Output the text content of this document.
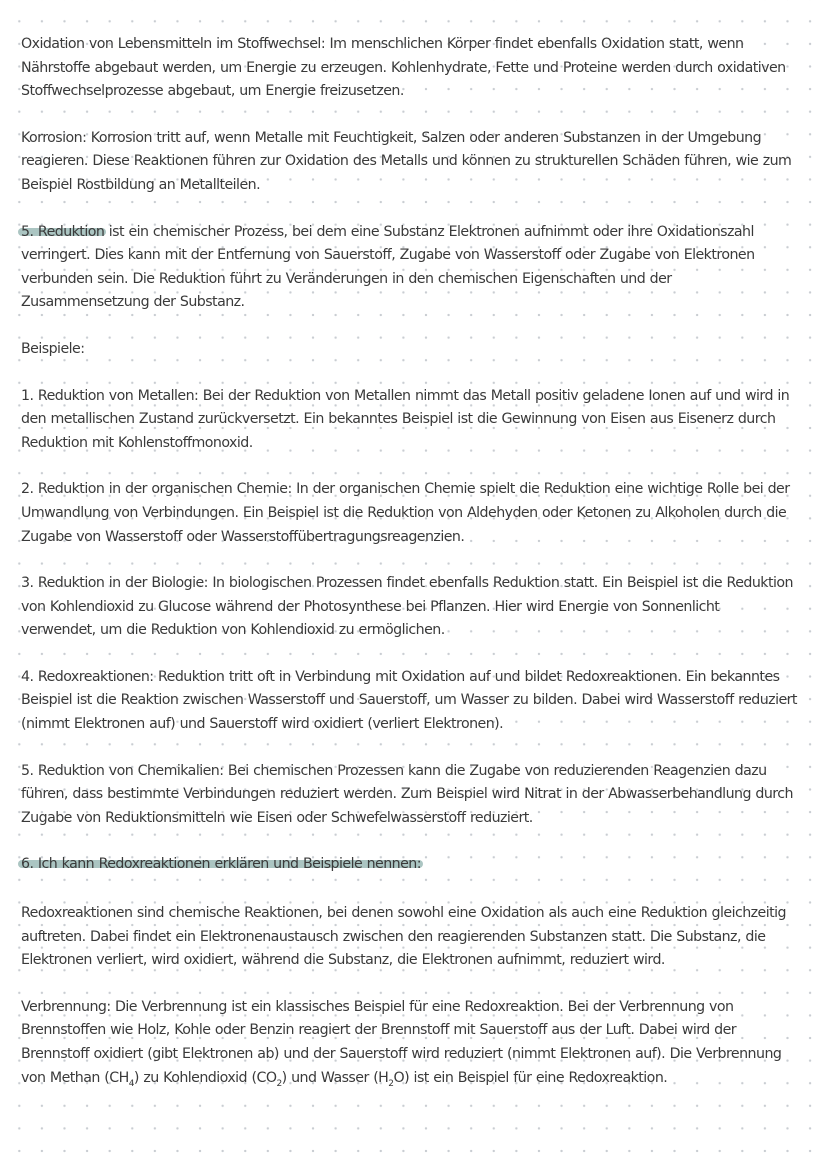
Oxidation von Lebensmitteln im Stoffwechsel: Im menschlichen Körper findet ebenfalls Oxidation statt, wenn Nährstoffe abgebaut werden, um Energie zu erzeugen. Kohlenhydrate, Fette und Proteine werden durch oxidativen Stoffwechselprozesse abgebaut, um Energie freizusetzen.

Korrosion: Korrosion tritt auf, wenn Metalle mit Feuchtigkeit, Salzen oder anderen Substanzen in der Umgebung reagieren. Diese Reaktionen führen zur Oxidation des Metalls und können zu strukturellen Schäden führen, wie zum Beispiel Rostbildung an Metallteilen.

5. Reduktion ist ein chemischer Prozess, bei dem eine Substanz Elektronen aufnimmt oder ihre Oxidationszahl verringert. Dies kann mit der Entfernung von Sauerstoff, Zugabe von Wasserstoff oder Zugabe von Elektronen verbunden sein. Die Reduktion führt zu Veränderungen in den chemischen Eigenschaften und der Zusammensetzung der Substanz.

Beispiele:

1. Reduktion von Metallen: Bei der Reduktion von Metallen nimmt das Metall positiv geladene Ionen auf und wird in den metallischen Zustand zurückversetzt. Ein bekanntes Beispiel ist die Gewinnung von Eisen aus Eisenerz durch Reduktion mit Kohlenstoffmonoxid.

2. Reduktion in der organischen Chemie: In der organischen Chemie spielt die Reduktion eine wichtige Rolle bei der Umwandlung von Verbindungen. Ein Beispiel ist die Reduktion von Aldehyden oder Ketonen zu Alkoholen durch die Zugabe von Wasserstoff oder Wasserstoffübertragungsreagenzien.

3. Reduktion in der Biologie: In biologischen Prozessen findet ebenfalls Reduktion statt. Ein Beispiel ist die Reduktion von Kohlendioxid zu Glucose während der Photosynthese bei Pflanzen. Hier wird Energie von Sonnenlicht verwendet, um die Reduktion von Kohlendioxid zu ermöglichen.

4. Redoxreaktionen: Reduktion tritt oft in Verbindung mit Oxidation auf und bildet Redoxreaktionen. Ein bekanntes Beispiel ist die Reaktion zwischen Wasserstoff und Sauerstoff, um Wasser zu bilden. Dabei wird Wasserstoff reduziert (nimmt Elektronen auf) und Sauerstoff wird oxidiert (verliert Elektronen).

5. Reduktion von Chemikalien: Bei chemischen Prozessen kann die Zugabe von reduzierenden Reagenzien dazu führen, dass bestimmte Verbindungen reduziert werden. Zum Beispiel wird Nitrat in der Abwasserbehandlung durch Zugabe von Reduktionsmitteln wie Eisen oder Schwefelwasserstoff reduziert.

6. Ich kann Redoxreaktionen erklären und Beispiele nennen:

Redoxreaktionen sind chemische Reaktionen, bei denen sowohl eine Oxidation als auch eine Reduktion gleichzeitig auftreten. Dabei findet ein Elektronenaustausch zwischen den reagierenden Substanzen statt. Die Substanz, die Elektronen verliert, wird oxidiert, während die Substanz, die Elektronen aufnimmt, reduziert wird.

Verbrennung: Die Verbrennung ist ein klassisches Beispiel für eine Redoxreaktion. Bei der Verbrennung von Brennstoffen wie Holz, Kohle oder Benzin reagiert der Brennstoff mit Sauerstoff aus der Luft. Dabei wird der Brennstoff oxidiert (gibt Elektronen ab) und der Sauerstoff wird reduziert (nimmt Elektronen auf). Die Verbrennung von Methan $(CH_4)$ zu Kohlendioxid $(CO_2)$ und Wasser $(H_2O)$ ist ein Beispiel für eine Redoxreaktion.
